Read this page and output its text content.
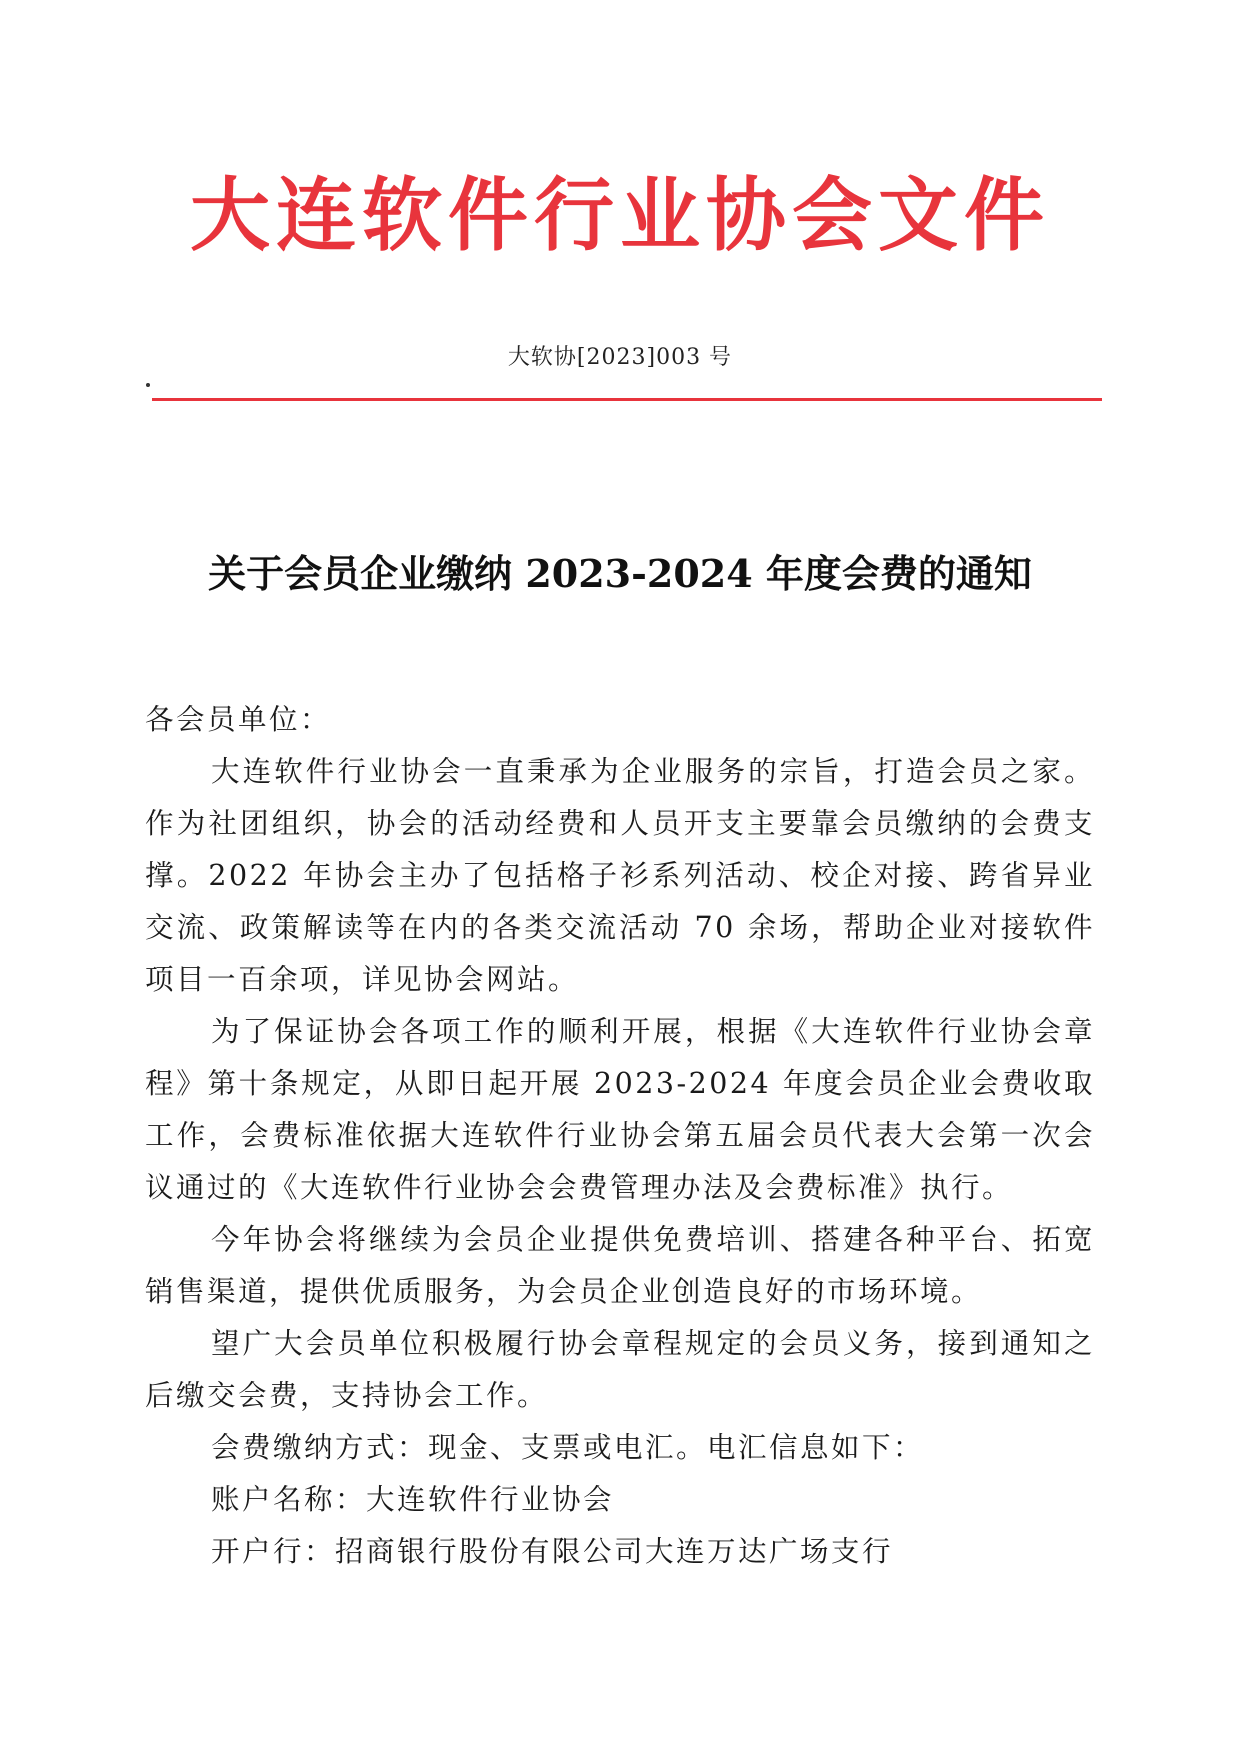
大连软件行业协会文件
大软协[2023]003 号
关于会员企业缴纳 2023-2024 年度会费的通知

各会员单位：

大连软件行业协会一直秉承为企业服务的宗旨，打造会员之家。作为社团组织，协会的活动经费和人员开支主要靠会员缴纳的会费支撑。2022 年协会主办了包括格子衫系列活动、校企对接、跨省异业交流、政策解读等在内的各类交流活动 70 余场，帮助企业对接软件项目一百余项，详见协会网站。

为了保证协会各项工作的顺利开展，根据《大连软件行业协会章程》第十条规定，从即日起开展 2023-2024 年度会员企业会费收取工作，会费标准依据大连软件行业协会第五届会员代表大会第一次会议通过的《大连软件行业协会会费管理办法及会费标准》执行。

今年协会将继续为会员企业提供免费培训、搭建各种平台、拓宽销售渠道，提供优质服务，为会员企业创造良好的市场环境。

望广大会员单位积极履行协会章程规定的会员义务，接到通知之后缴交会费，支持协会工作。

会费缴纳方式：现金、支票或电汇。电汇信息如下：

账户名称：大连软件行业协会

开户行：招商银行股份有限公司大连万达广场支行
